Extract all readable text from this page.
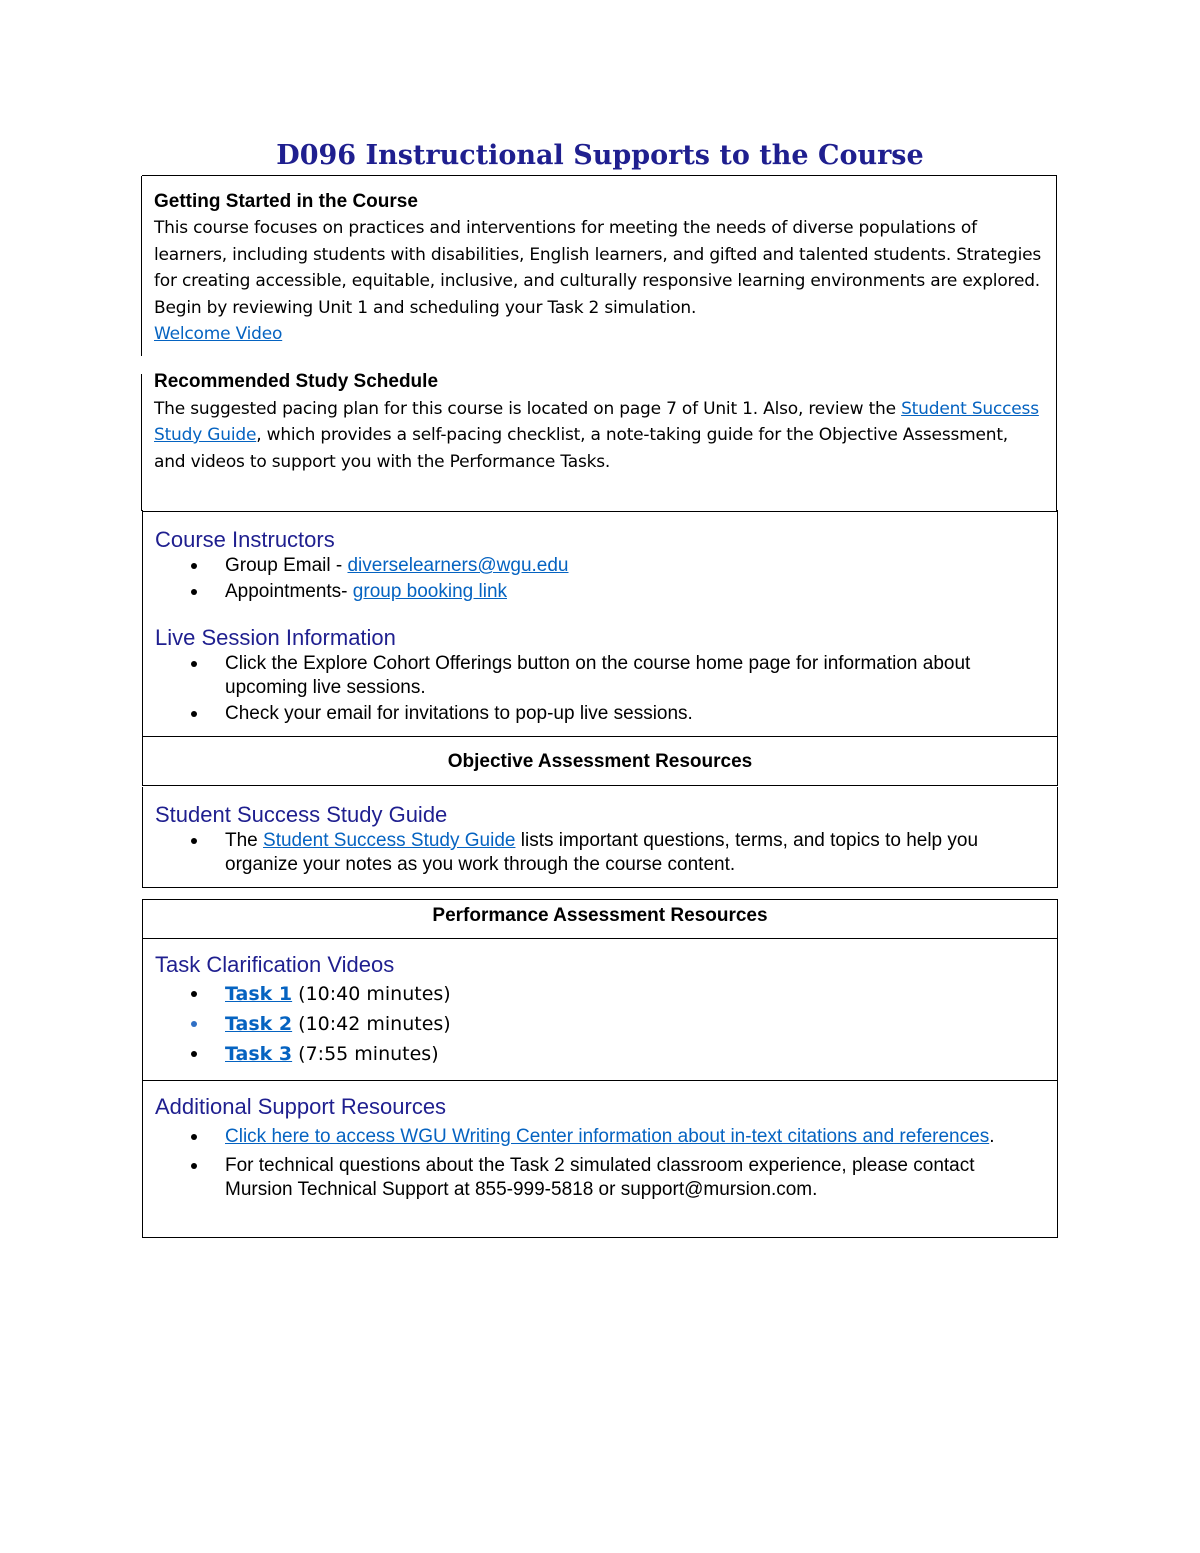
D096 Instructional Supports to the Course
Getting Started in the Course
This course focuses on practices and interventions for meeting the needs of diverse populations of learners, including students with disabilities, English learners, and gifted and talented students. Strategies for creating accessible, equitable, inclusive, and culturally responsive learning environments are explored. Begin by reviewing Unit 1 and scheduling your Task 2 simulation.
Welcome Video
Recommended Study Schedule
The suggested pacing plan for this course is located on page 7 of Unit 1. Also, review the Student Success Study Guide, which provides a self-pacing checklist, a note-taking guide for the Objective Assessment, and videos to support you with the Performance Tasks.
Course Instructors
Group Email - diverselearners@wgu.edu
Appointments- group booking link
Live Session Information
Click the Explore Cohort Offerings button on the course home page for information about upcoming live sessions.
Check your email for invitations to pop-up live sessions.
Objective Assessment Resources
Student Success Study Guide
The Student Success Study Guide lists important questions, terms, and topics to help you organize your notes as you work through the course content.
Performance Assessment Resources
Task Clarification Videos
Task 1 (10:40 minutes)
Task 2 (10:42 minutes)
Task 3 (7:55 minutes)
Additional Support Resources
Click here to access WGU Writing Center information about in-text citations and references.
For technical questions about the Task 2 simulated classroom experience, please contact Mursion Technical Support at 855-999-5818 or support@mursion.com.
